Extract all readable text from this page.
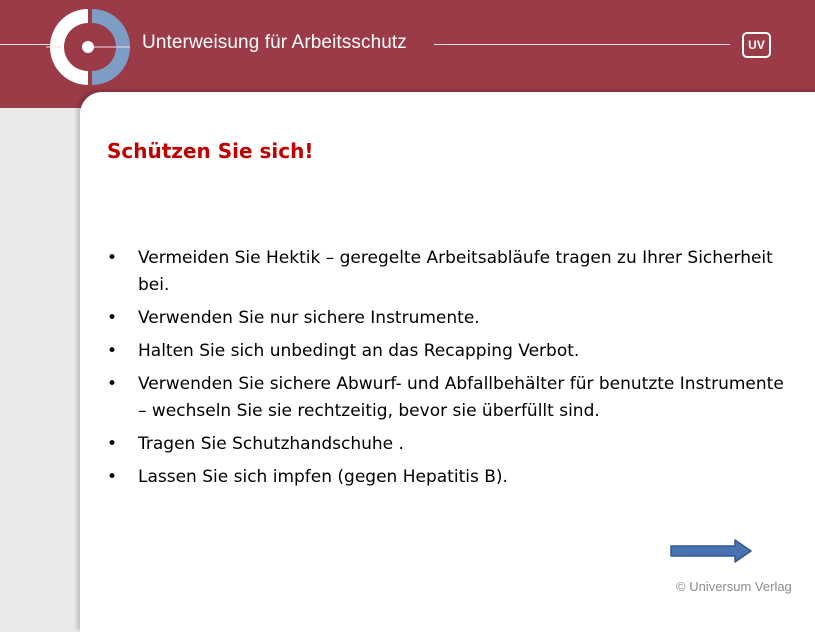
Unterweisung für Arbeitsschutz	UV
Schützen Sie sich!
• Vermeiden Sie Hektik – geregelte Arbeitsabläufe tragen zu Ihrer Sicherheit bei.
• Verwenden Sie nur sichere Instrumente.
• Halten Sie sich unbedingt an das Recapping Verbot.
• Verwenden Sie sichere Abwurf- und Abfallbehälter für benutzte Instrumente – wechseln Sie sie rechtzeitig, bevor sie überfüllt sind.
• Tragen Sie Schutzhandschuhe .
• Lassen Sie sich impfen (gegen Hepatitis B).
© Universum Verlag
